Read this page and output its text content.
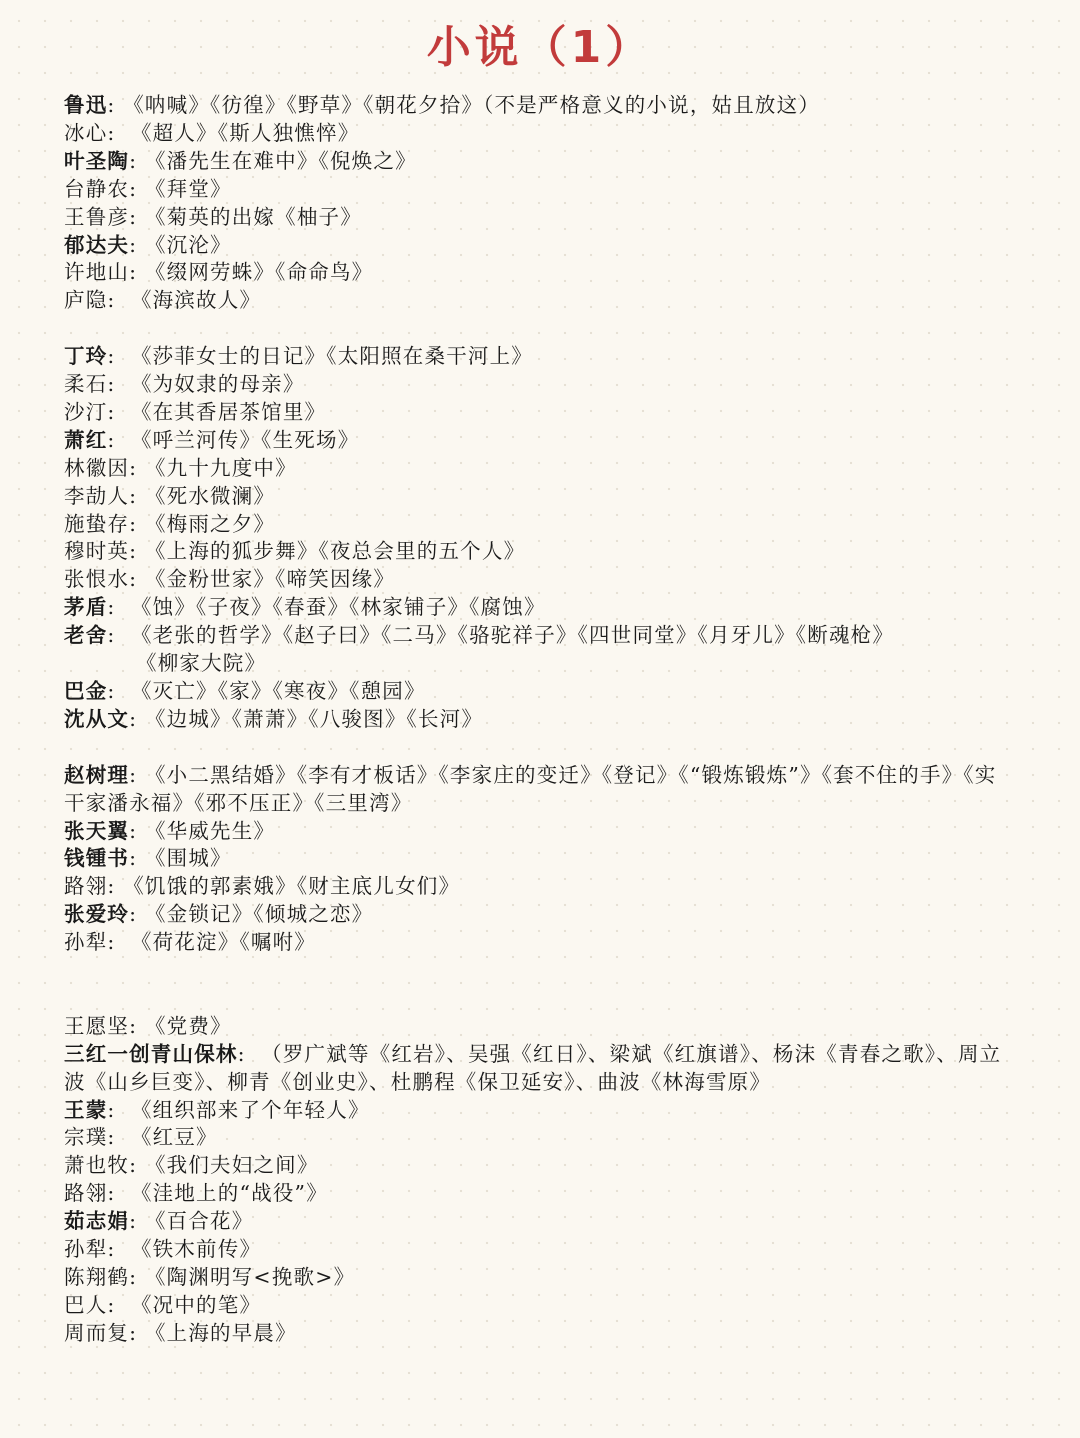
小说（1）
鲁迅: 《呐喊》《彷徨》《野草》《朝花夕拾》（不是严格意义的小说，姑且放这）
冰心:  《超人》《斯人独憔悴》
叶圣陶: 《潘先生在难中》《倪焕之》
台静农: 《拜堂》
王鲁彦: 《菊英的出嫁《柚子》
郁达夫: 《沉沦》
许地山: 《缀网劳蛛》《命命鸟》
庐隐:  《海滨故人》
丁玲:  《莎菲女士的日记》《太阳照在桑干河上》
柔石:  《为奴隶的母亲》
沙汀:  《在其香居茶馆里》
萧红:  《呼兰河传》《生死场》
林徽因: 《九十九度中》
李劼人: 《死水微澜》
施蛰存: 《梅雨之夕》
穆时英: 《上海的狐步舞》《夜总会里的五个人》
张恨水: 《金粉世家》《啼笑因缘》
茅盾:  《蚀》《子夜》《春蚕》《林家铺子》《腐蚀》
老舍:  《老张的哲学》《赵子曰》《二马》《骆驼祥子》《四世同堂》《月牙儿》《断魂枪》
《柳家大院》
巴金:  《灭亡》《家》《寒夜》《憩园》
沈从文: 《边城》《萧萧》《八骏图》《长河》
赵树理: 《小二黑结婚》《李有才板话》《李家庄的变迁》《登记》《“锻炼锻炼”》《套不住的手》《实干家潘永福》《邪不压正》《三里湾》
张天翼: 《华威先生》
钱锺书: 《围城》
路翎: 《饥饿的郭素娥》《财主底儿女们》
张爱玲: 《金锁记》《倾城之恋》
孙犁:  《荷花淀》《嘱咐》
王愿坚: 《党费》
三红一创青山保林:  （罗广斌等《红岩》、吴强《红日》、梁斌《红旗谱》、杨沫《青春之歌》、周立波《山乡巨变》、柳青《创业史》、杜鹏程《保卫延安》、曲波《林海雪原》
王蒙:  《组织部来了个年轻人》
宗璞:  《红豆》
萧也牧: 《我们夫妇之间》
路翎:  《洼地上的“战役”》
茹志娟: 《百合花》
孙犁:  《铁木前传》
陈翔鹤: 《陶渊明写<挽歌>》
巴人:  《况中的笔》
周而复: 《上海的早晨》
